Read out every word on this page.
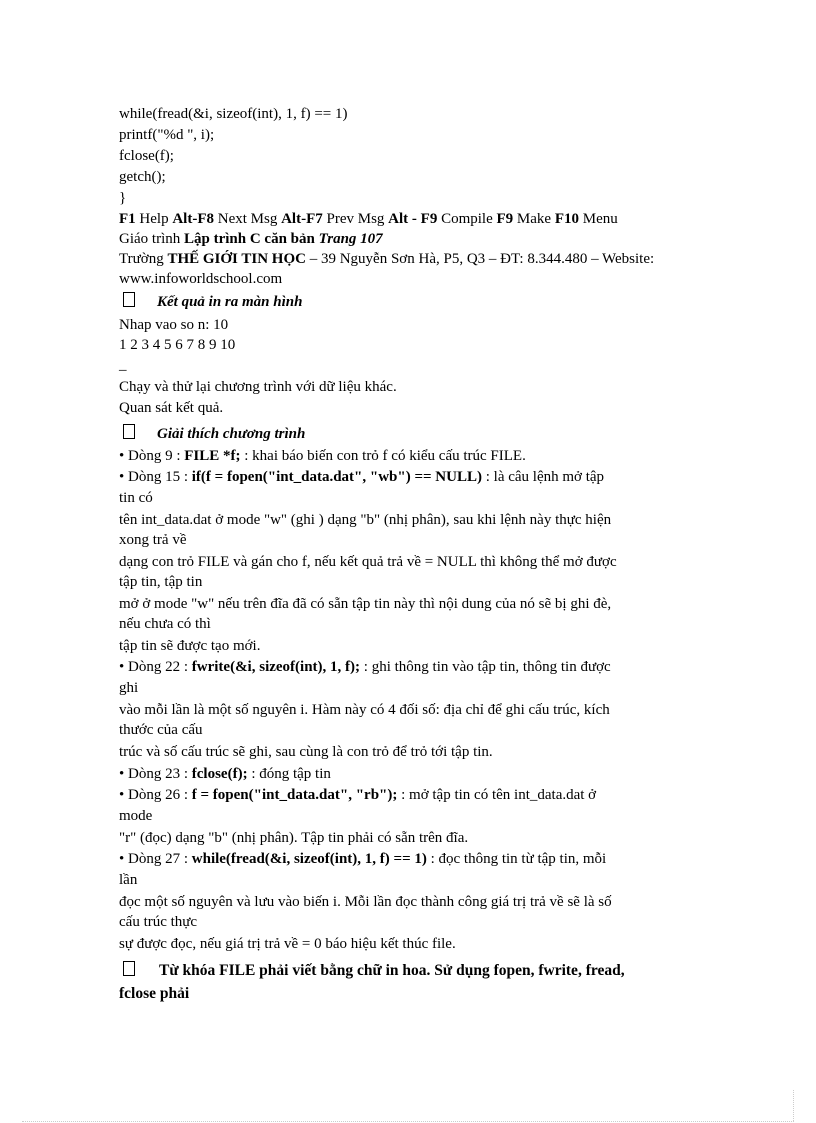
while(fread(&i, sizeof(int), 1, f) == 1)
printf("%d ", i);
fclose(f);
getch();
}
F1 Help Alt-F8 Next Msg Alt-F7 Prev Msg Alt - F9 Compile F9 Make F10 Menu
Giáo trình Lập trình C căn bản Trang 107
Trường THẾ GIỚI TIN HỌC – 39 Nguyễn Sơn Hà, P5, Q3 – ĐT: 8.344.480 – Website:
www.infoworldschool.com
Kết quả in ra màn hình
Nhap vao so n: 10
1 2 3 4 5 6 7 8 9 10
_
Chạy và thử lại chương trình với dữ liệu khác.
Quan sát kết quả.
Giải thích chương trình
• Dòng 9 : FILE *f; : khai báo biến con trỏ f có kiểu cấu trúc FILE.
• Dòng 15 : if(f = fopen("int_data.dat", "wb") == NULL) : là câu lệnh mở tập
tin có
tên int_data.dat ở mode "w" (ghi ) dạng "b" (nhị phân), sau khi lệnh này thực hiện
xong trả về
dạng con trỏ FILE và gán cho f, nếu kết quả trả về = NULL thì không thể mở được
tập tin, tập tin
mở ở mode "w" nếu trên đĩa đã có sẵn tập tin này thì nội dung của nó sẽ bị ghi đè,
nếu chưa có thì
tập tin sẽ được tạo mới.
• Dòng 22 : fwrite(&i, sizeof(int), 1, f); : ghi thông tin vào tập tin, thông tin được
ghi
vào mỗi lần là một số nguyên i. Hàm này có 4 đối số: địa chỉ để ghi cấu trúc, kích
thước của cấu
trúc và số cấu trúc sẽ ghi, sau cùng là con trỏ để trỏ tới tập tin.
• Dòng 23 : fclose(f); : đóng tập tin
• Dòng 26 : f = fopen("int_data.dat", "rb"); : mở tập tin có tên int_data.dat ở
mode
"r" (đọc) dạng "b" (nhị phân). Tập tin phải có sẵn trên đĩa.
• Dòng 27 : while(fread(&i, sizeof(int), 1, f) == 1) : đọc thông tin từ tập tin, mỗi
lần
đọc một số nguyên và lưu vào biến i. Mỗi lần đọc thành công giá trị trả về sẽ là số
cấu trúc thực
sự được đọc, nếu giá trị trả về = 0 báo hiệu kết thúc file.
Từ khóa FILE phải viết bằng chữ in hoa. Sử dụng fopen, fwrite, fread,
fclose phải
